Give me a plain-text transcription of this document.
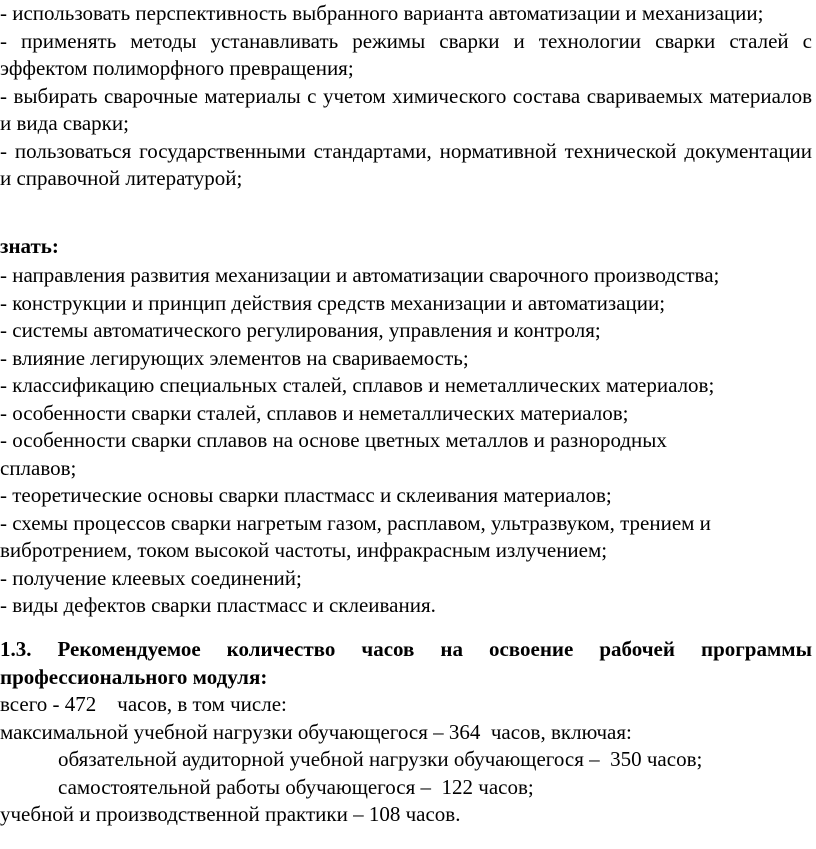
- использовать перспективность выбранного варианта автоматизации и механизации;

- применять методы устанавливать режимы сварки и технологии сварки сталей с эффектом полиморфного превращения;

- выбирать сварочные материалы с учетом химического состава свариваемых материалов и вида сварки;

- пользоваться государственными стандартами, нормативной технической документации и справочной литературой;

знать:

- направления развития механизации и автоматизации сварочного производства;

- конструкции и принцип действия средств механизации и автоматизации;

- системы автоматического регулирования, управления и контроля;

- влияние легирующих элементов на свариваемость;

- классификацию специальных сталей, сплавов и неметаллических материалов;

- особенности сварки сталей, сплавов и неметаллических материалов;

- особенности сварки сплавов на основе цветных металлов и разнородных сплавов;

- теоретические основы сварки пластмасс и склеивания материалов;

- схемы процессов сварки нагретым газом, расплавом, ультразвуком, трением и вибротрением, током высокой частоты, инфракрасным излучением;

- получение клеевых соединений;

- виды дефектов сварки пластмасс и склеивания.

1.3. Рекомендуемое количество часов на освоение рабочей программы профессионального модуля:

всего - 472    часов, в том числе:

максимальной учебной нагрузки обучающегося – 364  часов, включая:

обязательной аудиторной учебной нагрузки обучающегося –  350 часов;

самостоятельной работы обучающегося –  122 часов;

учебной и производственной практики – 108 часов.
